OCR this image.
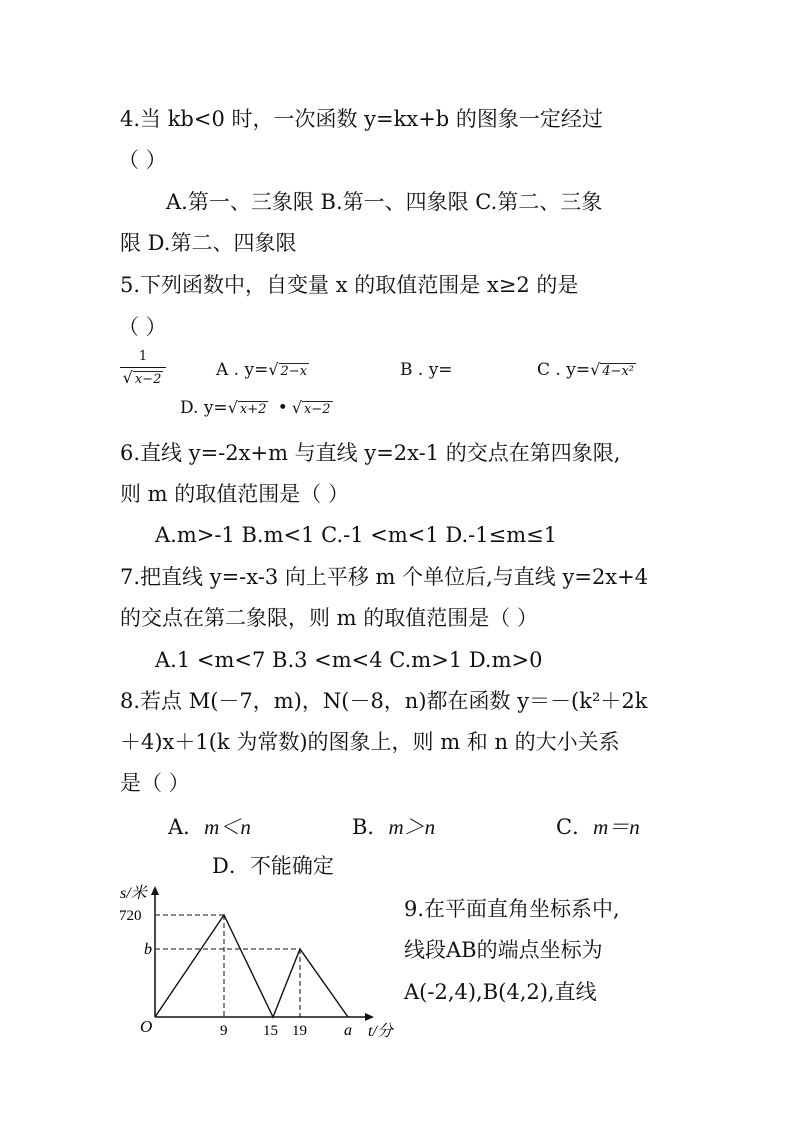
4.当 kb<0 时，一次函数 y=kx+b 的图象一定经过
（ ）
A.第一、三象限 B.第一、四象限 C.第二、三象
限 D.第二、四象限
5.下列函数中，自变量 x 的取值范围是 x≥2 的是
（ ）
1
√ x−2	A . y=√ 2−x	B . y=	C . y=√ 4−x²
D. y=√ x+2 • √ x−2
6.直线 y=-2x+m 与直线 y=2x-1 的交点在第四象限,
则 m 的取值范围是（ ）
A.m>-1 B.m<1 C.-1 <m<1 D.-1≤m≤1
7.把直线 y=-x-3 向上平移 m 个单位后,与直线 y=2x+4
的交点在第二象限，则 m 的取值范围是（ ）
A.1 <m<7 B.3 <m<4 C.m>1 D.m>0
8.若点 M(－7，m)，N(－8，n)都在函数 y＝－(k²＋2k
＋4)x＋1(k 为常数)的图象上，则 m 和 n 的大小关系
是（ ）
A．m＜n	B．m＞n	C．m＝n
D．不能确定
s/米
720
b
O	9 15 19 a t/分
9.在平面直角坐标系中,
线段AB的端点坐标为
A(-2,4),B(4,2),直线
